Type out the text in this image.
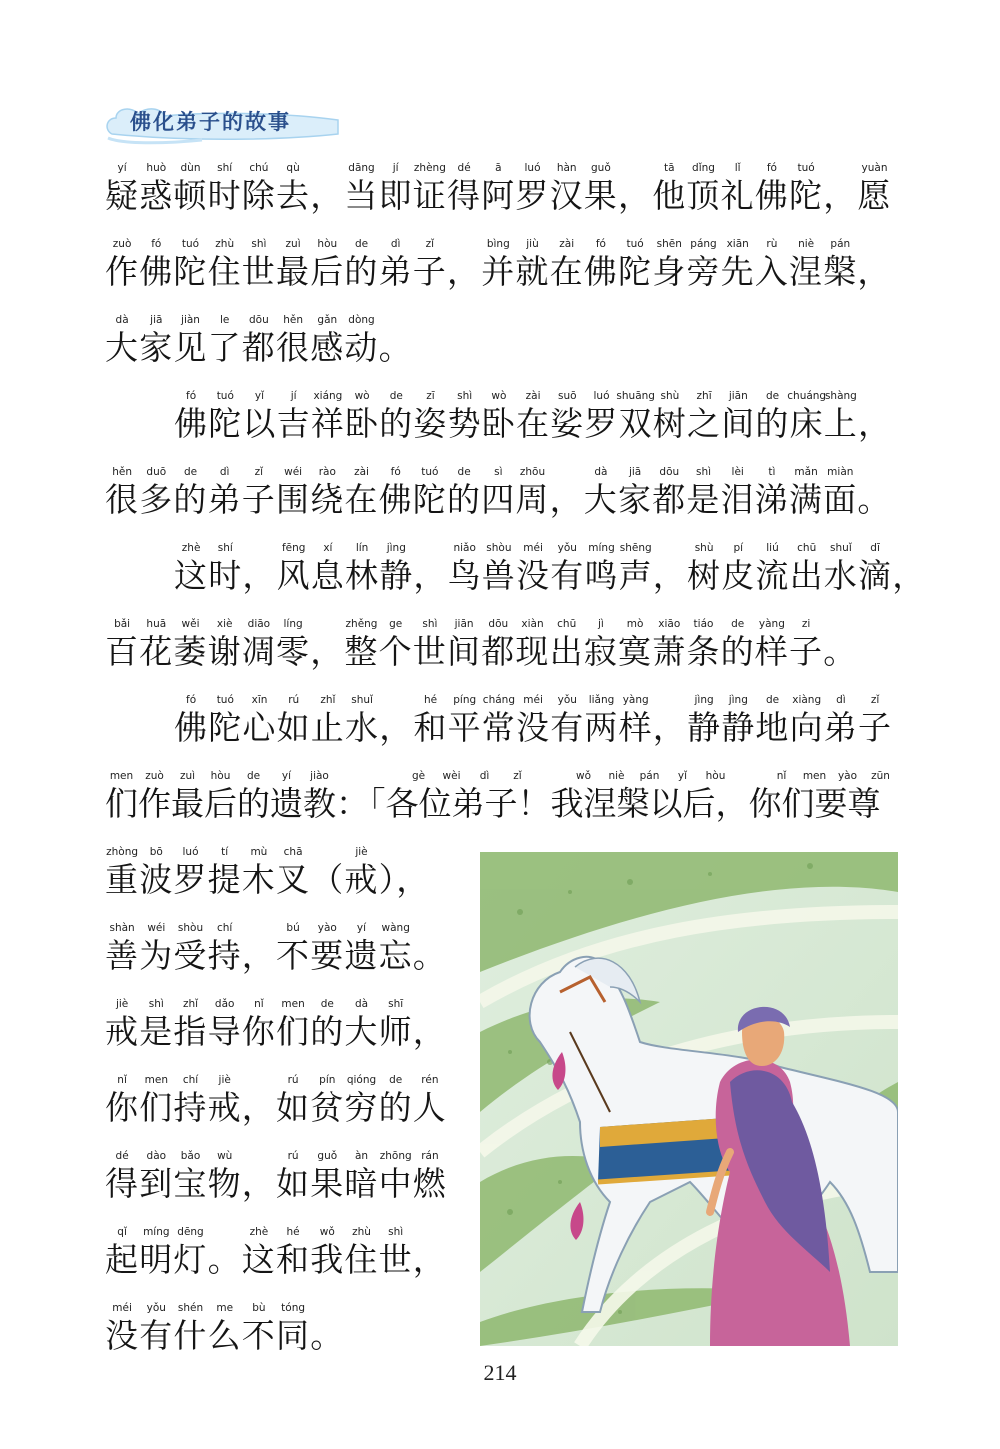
佛化弟子的故事
yí huò dùn shí chú qù	dāng jí zhèng dé ā luó hàn guǒ	tā dǐng lǐ fó tuó	yuàn
疑惑顿时除去，当即证得阿罗汉果，他顶礼佛陀，愿
zuò fó tuó zhù shì zuì hòu de dì zǐ	bìng jiù zài fó tuó shēn páng xiān rù niè pán
作佛陀住世最后的弟子，并就在佛陀身旁先入涅槃，
dà jiā jiàn le dōu hěn gǎn dòng
大家见了都很感动。
fó tuó yǐ	jí xiáng wò de zī shì wò zài suō luó shuāng shù zhī jiān de chuáng
shàng
佛陀以吉祥卧的姿势卧在娑罗双树之间的床上，
hěn duō de dì zǐ wéi rào zài fó tuó de sì zhōu	dà jiā dōu shì lèi tì mǎn miàn
很多的弟子围绕在佛陀的四周，大家都是泪涕满面。
zhè shí	fēng xí lín jìng	niǎo shòu méi yǒu míng shēng	shù pí liú chū shuǐ dī
这时，风息林静，鸟兽没有鸣声，树皮流出水滴，
bǎi huā wěi xiè diāo líng	zhěng ge shì jiān dōu xiàn chū jì mò xiāo tiáo de yàng zi
百花萎谢凋零，整个世间都现出寂寞萧条的样子。
fó tuó xīn rú zhǐ shuǐ	hé píng cháng méi yǒu liǎng yàng	jìng jìng de xiàng dì zǐ
佛陀心如止水，和平常没有两样，静静地向弟子
men zuò zuì hòu de yí jiào	gè wèi dì zǐ	wǒ niè pán yǐ hòu	nǐ men yào zūn
们作最后的遗教：「各位弟子！我涅槃以后，你们要尊
zhòng bō luó tí mù chā	jiè
重波罗提木叉（戒），
shàn wéi shòu chí	bú yào yí wàng
善为受持，不要遗忘。
jiè shì zhǐ dǎo nǐ men de dà shī
戒是指导你们的大师，
nǐ men chí jiè	rú pín qióng de rén
你们持戒，如贫穷的人
dé dào bǎo wù	rú guǒ àn zhōng rán
得到宝物，如果暗中燃
qǐ míng dēng	zhè hé wǒ zhù shì
起明灯。这和我住世，
méi yǒu shén me bù tóng
没有什么不同。
214
